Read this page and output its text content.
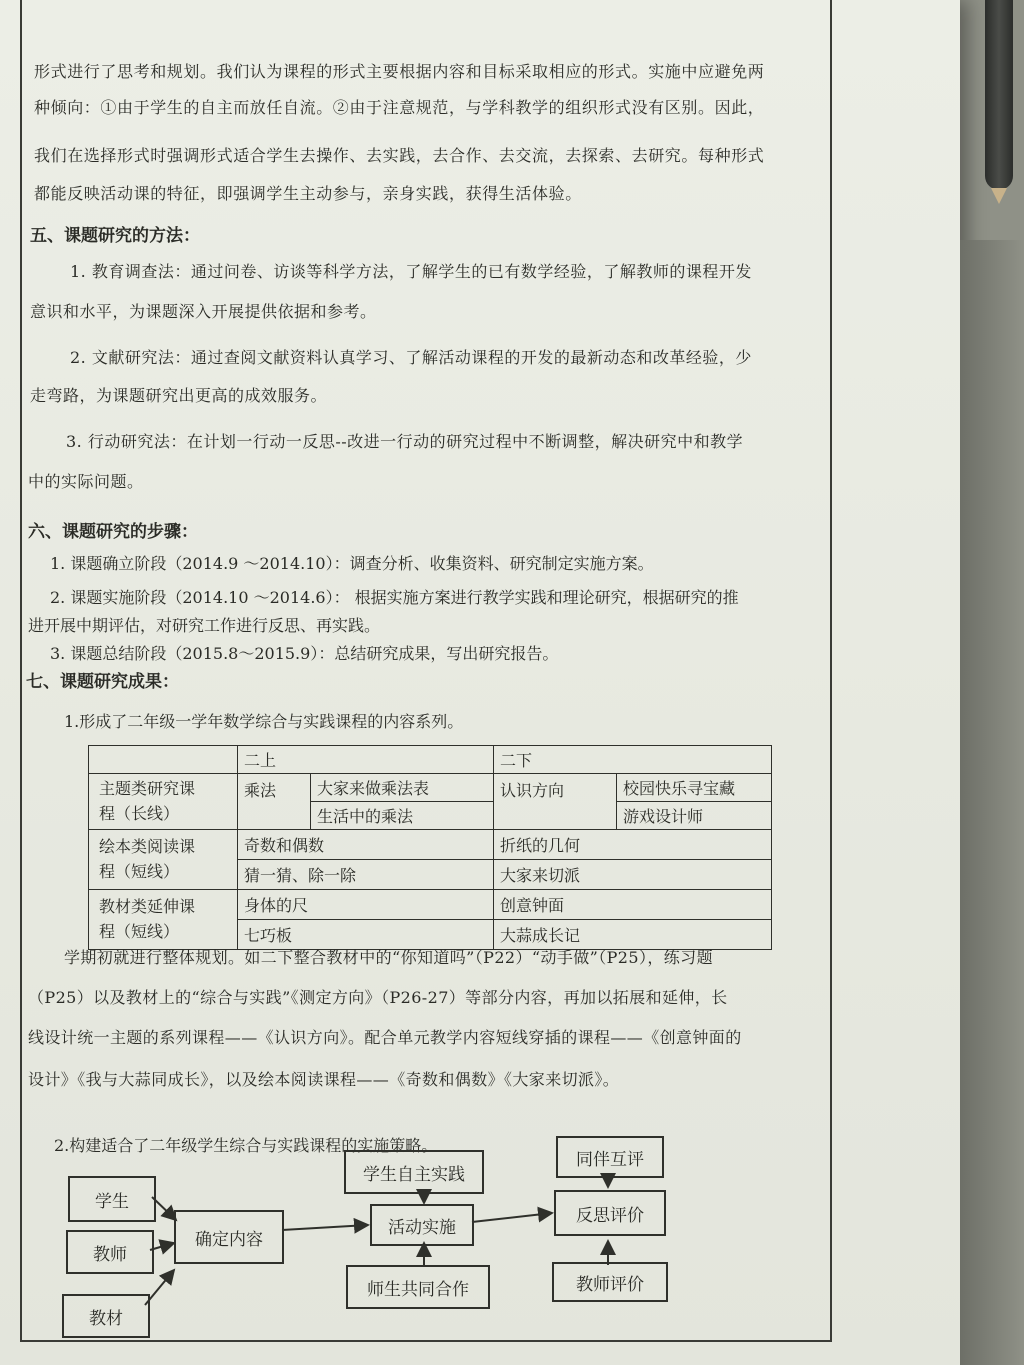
形式进行了思考和规划。我们认为课程的形式主要根据内容和目标采取相应的形式。实施中应避免两
种倾向：①由于学生的自主而放任自流。②由于注意规范，与学科教学的组织形式没有区别。因此，
我们在选择形式时强调形式适合学生去操作、去实践，去合作、去交流，去探索、去研究。每种形式
都能反映活动课的特征，即强调学生主动参与，亲身实践，获得生活体验。
五、课题研究的方法：
1. 教育调查法：通过问卷、访谈等科学方法，了解学生的已有数学经验，了解教师的课程开发
意识和水平，为课题深入开展提供依据和参考。
2. 文献研究法：通过查阅文献资料认真学习、了解活动课程的开发的最新动态和改革经验，少
走弯路，为课题研究出更高的成效服务。
3. 行动研究法：在计划一行动一反思--改进一行动的研究过程中不断调整，解决研究中和教学
中的实际问题。
六、课题研究的步骤：
1. 课题确立阶段（2014.9 ～2014.10）：调查分析、收集资料、研究制定实施方案。
2. 课题实施阶段（2014.10 ～2014.6）： 根据实施方案进行教学实践和理论研究，根据研究的推
进开展中期评估，对研究工作进行反思、再实践。
3. 课题总结阶段（2015.8～2015.9）：总结研究成果，写出研究报告。
七、课题研究成果：
1.形成了二年级一学年数学综合与实践课程的内容系列。
	二上		二下	

主题类研究课
程（长线）	乘法	大家来做乘法表	认识方向	校园快乐寻宝藏
		生活中的乘法		游戏设计师

绘本类阅读课
程（短线）	奇数和偶数		折纸的几何	
	猜一猜、除一除		大家来切派	

教材类延伸课
程（短线）	身体的尺		创意钟面	
	七巧板		大蒜成长记	
学期初就进行整体规划。如二下整合教材中的“你知道吗”（P22）“动手做”（P25），练习题
（P25）以及教材上的“综合与实践”《测定方向》（P26-27）等部分内容，再加以拓展和延伸，长
线设计统一主题的系列课程——《认识方向》。配合单元教学内容短线穿插的课程——《创意钟面的
设计》《我与大蒜同成长》，以及绘本阅读课程——《奇数和偶数》《大家来切派》。
2.构建适合了二年级学生综合与实践课程的实施策略。
学生
教师
教材
确定内容
学生自主实践
活动实施
师生共同合作
同伴互评
反思评价
教师评价
